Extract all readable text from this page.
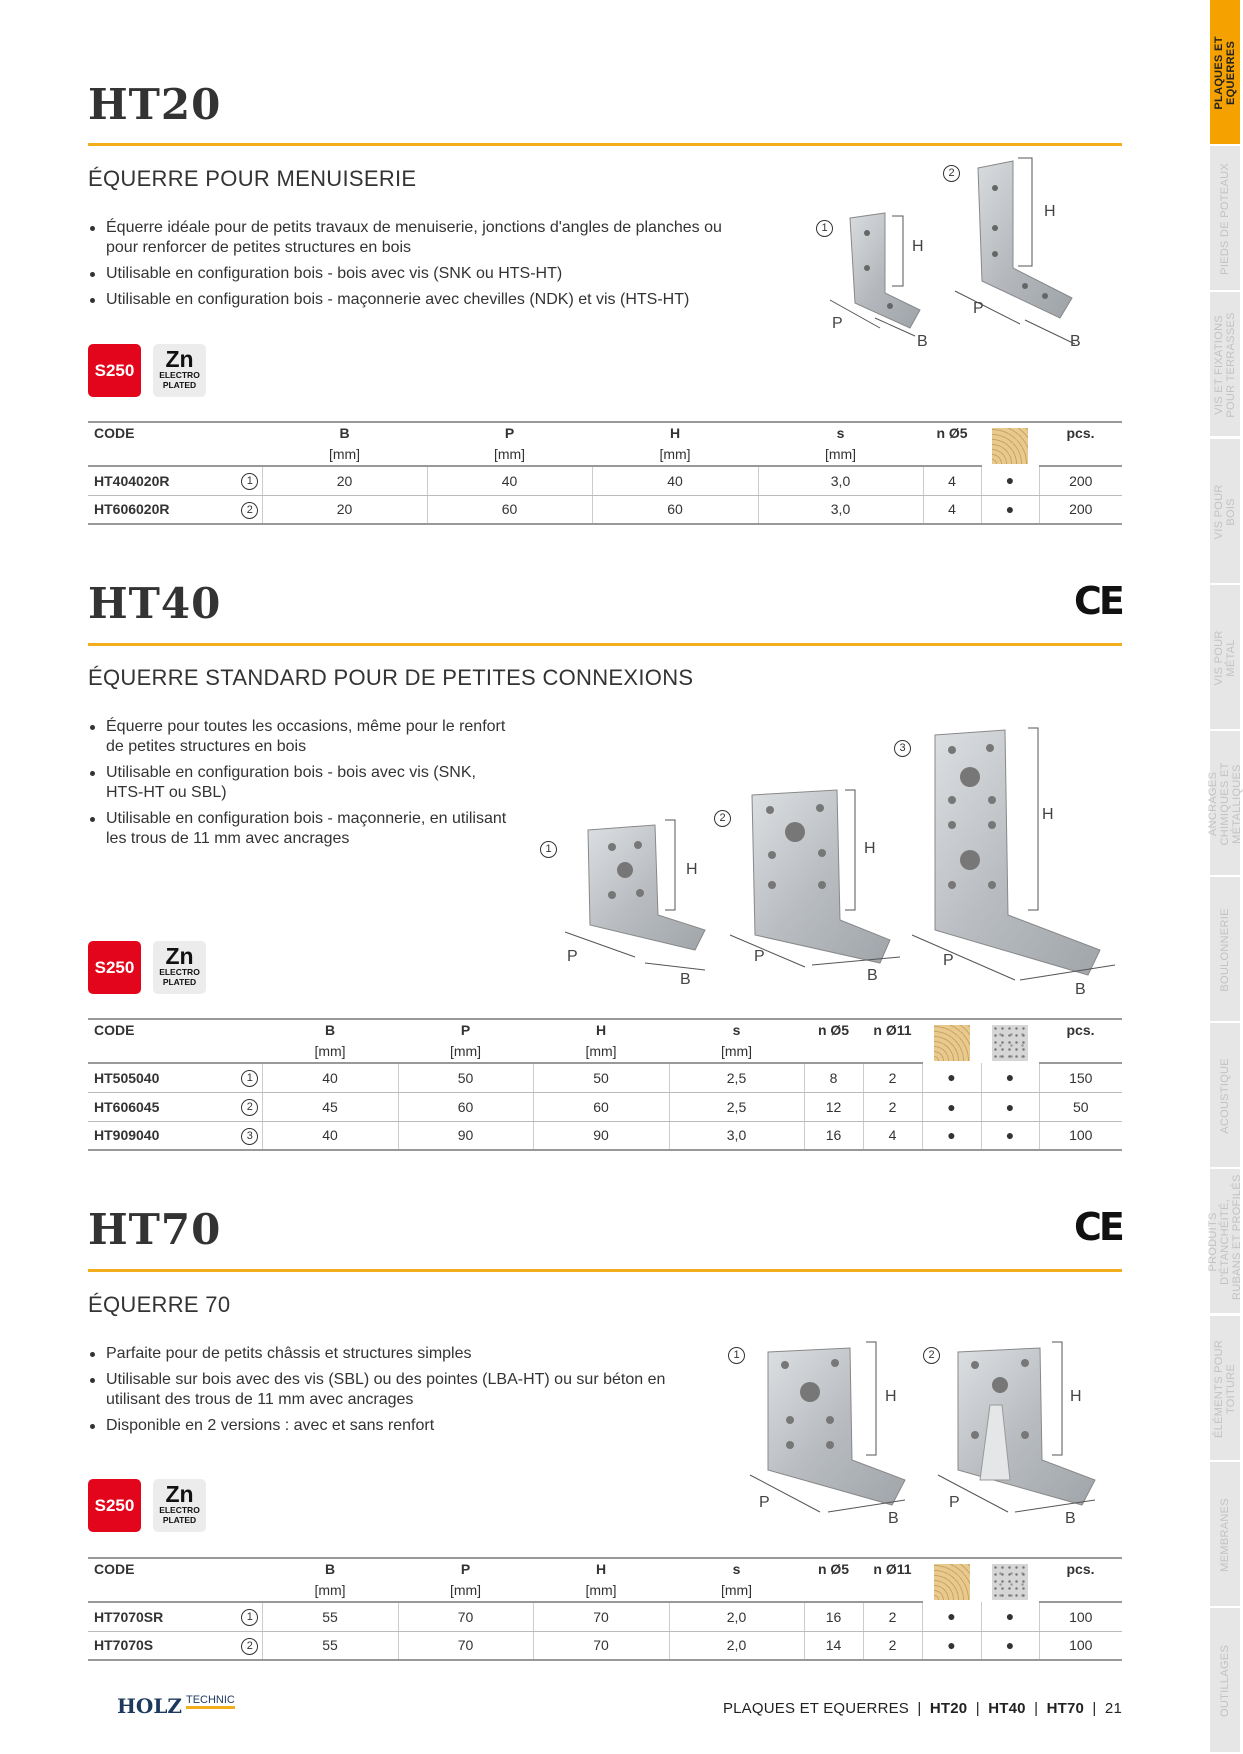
PLAQUES ET
EQUERRES
PIEDS DE POTEAUX
VIS ET FIXATIONS
POUR TERRASSES
VIS POUR
BOIS
VIS POUR
MÉTAL
ANCRAGES
CHIMIQUES ET
MÉTALLIQUES
BOULONNERIE
ACOUSTIQUE
PRODUITS
D'ÉTANCHÉITÉ,
RUBANS ET PROFILÉS
ÉLÉMENTS POUR
TOITURE
MEMBRANES
OUTILLAGES
HT20
ÉQUERRE POUR MENUISERIE
Équerre idéale pour de petits travaux de menuiserie, jonctions d'angles de planches ou pour renforcer de petites structures en bois
Utilisable en configuration bois - bois avec vis (SNK ou HTS-HT)
Utilisable en configuration bois - maçonnerie avec chevilles (NDK) et vis (HTS-HT)
S250	Zn
ELECTRO
PLATED
1
2
H
H
P
B
P
B
CODE		B	P	H	s	n Ø5		pcs.
		[mm]	[mm]	[mm]	[mm]			
HT404020R	1	20	40	40	3,0	4	●	200
HT606020R	2	20	60	60	3,0	4	●	200
HT40	CE
ÉQUERRE STANDARD POUR DE PETITES CONNEXIONS
Équerre pour toutes les occasions, même pour le renfort de petites structures en bois
Utilisable en configuration bois - bois avec vis (SNK, HTS-HT ou SBL)
Utilisable en configuration bois - maçonnerie, en utilisant les trous de 11 mm avec ancrages
S250	Zn
ELECTRO
PLATED
1
2
3
H
H
H
P
B
P
B
P
B
CODE		B	P	H	s	n Ø5	n Ø11			pcs.
		[mm]	[mm]	[mm]	[mm]					
HT505040	1	40	50	50	2,5	8	2	●	●	150
HT606045	2	45	60	60	2,5	12	2	●	●	50
HT909040	3	40	90	90	3,0	16	4	●	●	100
HT70	CE
ÉQUERRE 70
Parfaite pour de petits châssis et structures simples
Utilisable sur bois avec des vis (SBL) ou des pointes (LBA-HT) ou sur béton en utilisant des trous de 11 mm avec ancrages
Disponible en 2 versions : avec et sans renfort
S250	Zn
ELECTRO
PLATED
1	2
H	H
P
B
P
B
CODE		B	P	H	s	n Ø5	n Ø11			pcs.
		[mm]	[mm]	[mm]	[mm]					
HT7070SR	1	55	70	70	2,0	16	2	●	●	100
HT7070S	2	55	70	70	2,0	14	2	●	●	100
HOLZ $^{TECHNIC}$	PLAQUES ET EQUERRES | HT20 | HT40 | HT70 | 21
